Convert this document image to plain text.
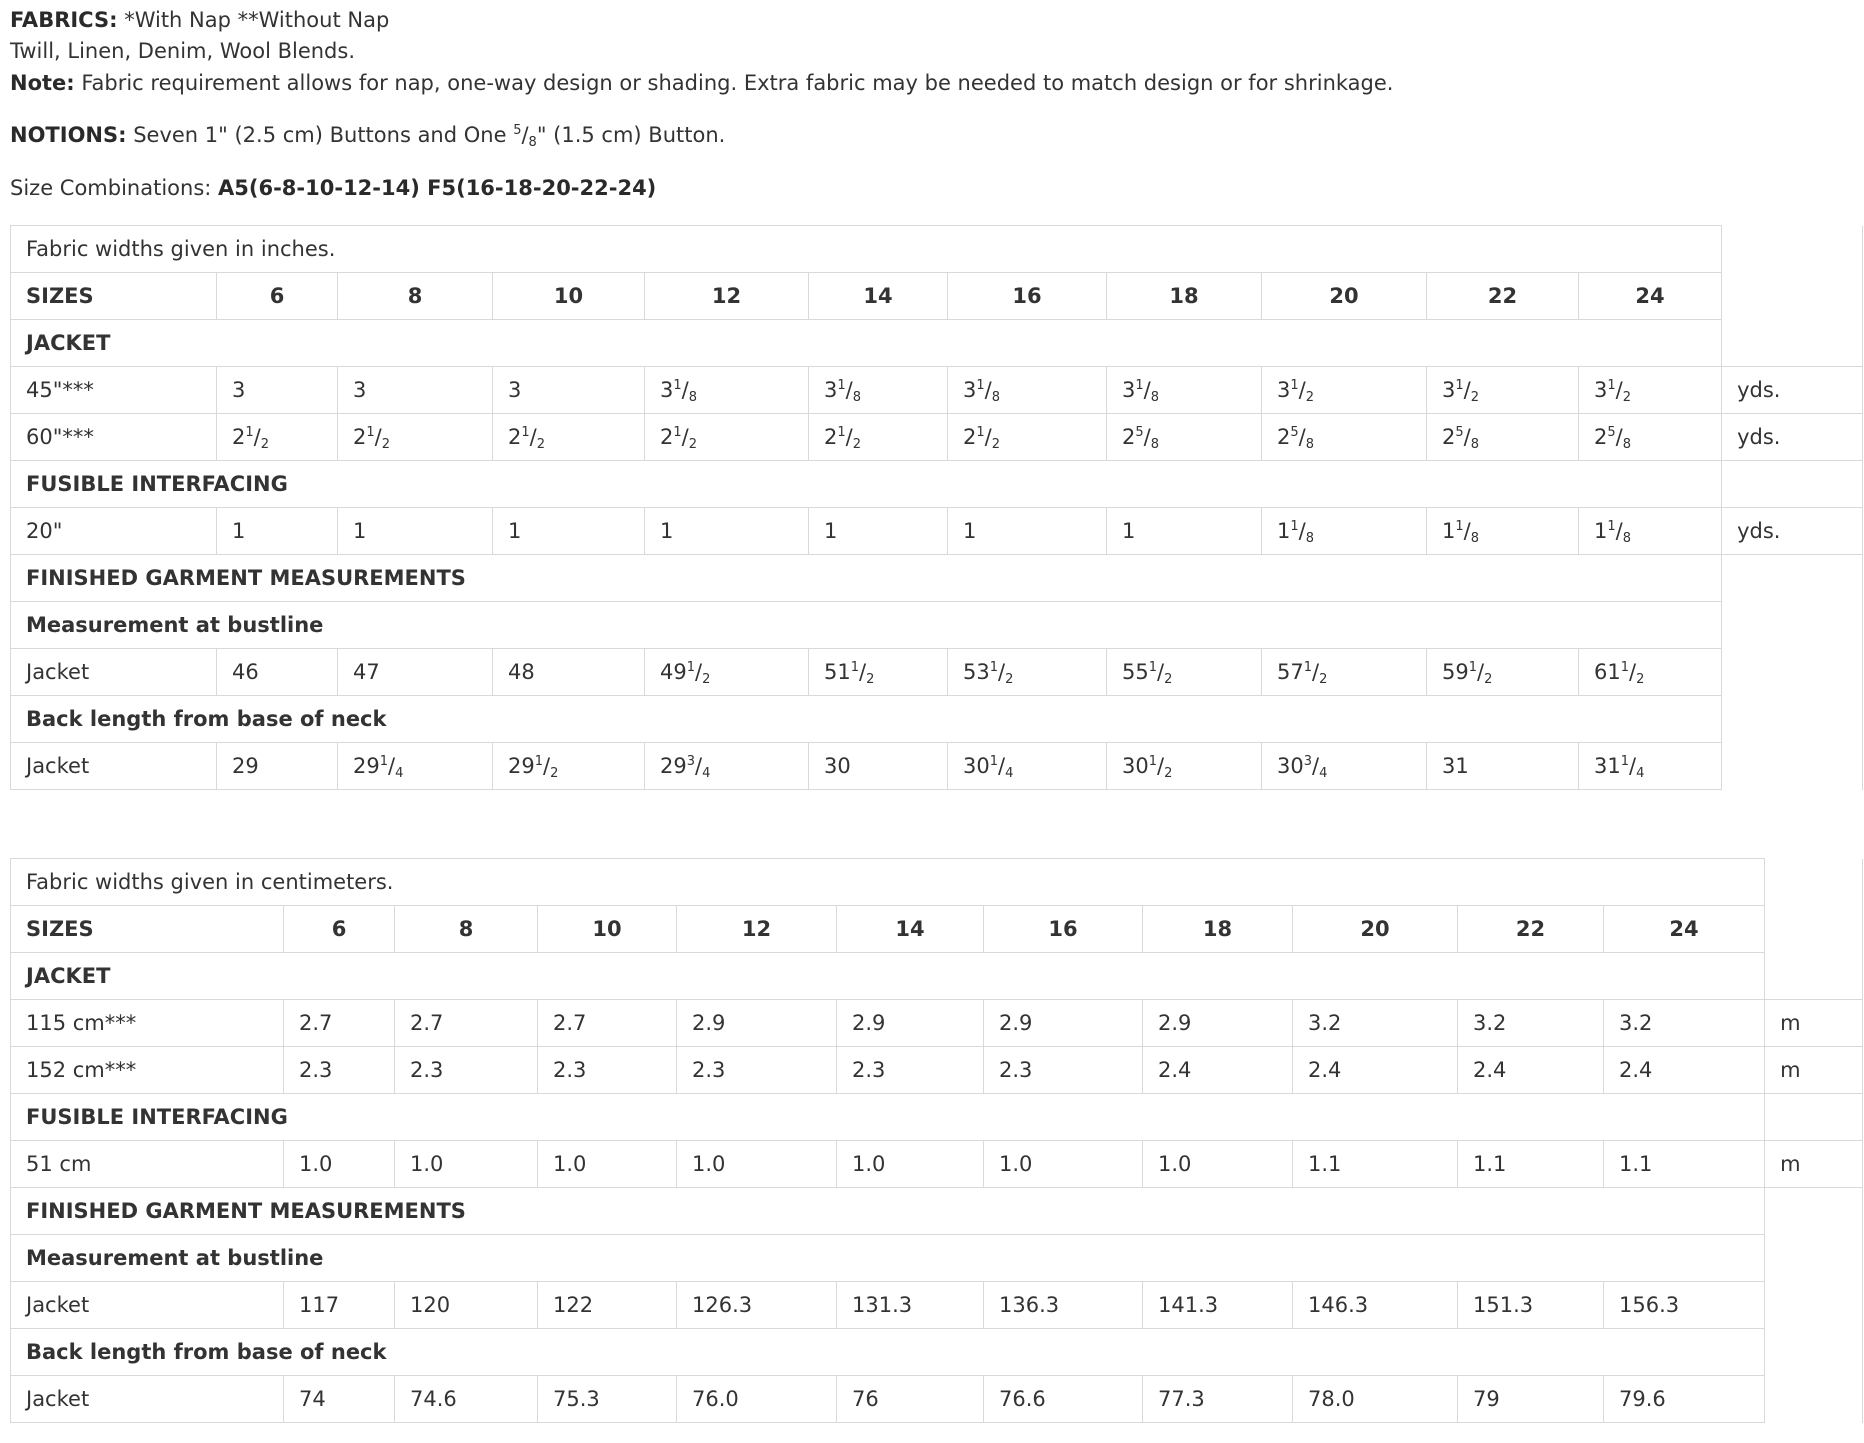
FABRICS: *With Nap **Without Nap
Twill, Linen, Denim, Wool Blends.
Note: Fabric requirement allows for nap, one-way design or shading. Extra fabric may be needed to match design or for shrinkage.
NOTIONS: Seven 1" (2.5 cm) Buttons and One $^5/_8$" (1.5 cm) Button.
Size Combinations: A5(6-8-10-12-14) F5(16-18-20-22-24)
Fabric widths given in inches.											
SIZES	6	8	10	12	14	16	18	20	22	24	
JACKET											
45"***	3	3	3	$3^1/_8$	$3^1/_8$	$3^1/_8$	$3^1/_8$	$3^1/_2$	$3^1/_2$	$3^1/_2$	yds.
60"***	$2^1/_2$	$2^1/_2$	$2^1/_2$	$2^1/_2$	$2^1/_2$	$2^1/_2$	$2^5/_8$	$2^5/_8$	$2^5/_8$	$2^5/_8$	yds.
FUSIBLE INTERFACING											
20"	1	1	1	1	1	1	1	$1^1/_8$	$1^1/_8$	$1^1/_8$	yds.
FINISHED GARMENT MEASUREMENTS											
Measurement at bustline											
Jacket	46	47	48	$49^1/_2$	$51^1/_2$	$53^1/_2$	$55^1/_2$	$57^1/_2$	$59^1/_2$	$61^1/_2$	
Back length from base of neck											
Jacket	29	$29^1/_4$	$29^1/_2$	$29^3/_4$	30	$30^1/_4$	$30^1/_2$	$30^3/_4$	31	$31^1/_4$	
Fabric widths given in centimeters.											
SIZES	6	8	10	12	14	16	18	20	22	24	
JACKET											
115 cm***	2.7	2.7	2.7	2.9	2.9	2.9	2.9	3.2	3.2	3.2	m
152 cm***	2.3	2.3	2.3	2.3	2.3	2.3	2.4	2.4	2.4	2.4	m
FUSIBLE INTERFACING											
51 cm	1.0	1.0	1.0	1.0	1.0	1.0	1.0	1.1	1.1	1.1	m
FINISHED GARMENT MEASUREMENTS											
Measurement at bustline											
Jacket	117	120	122	126.3	131.3	136.3	141.3	146.3	151.3	156.3	
Back length from base of neck											
Jacket	74	74.6	75.3	76.0	76	76.6	77.3	78.0	79	79.6	
